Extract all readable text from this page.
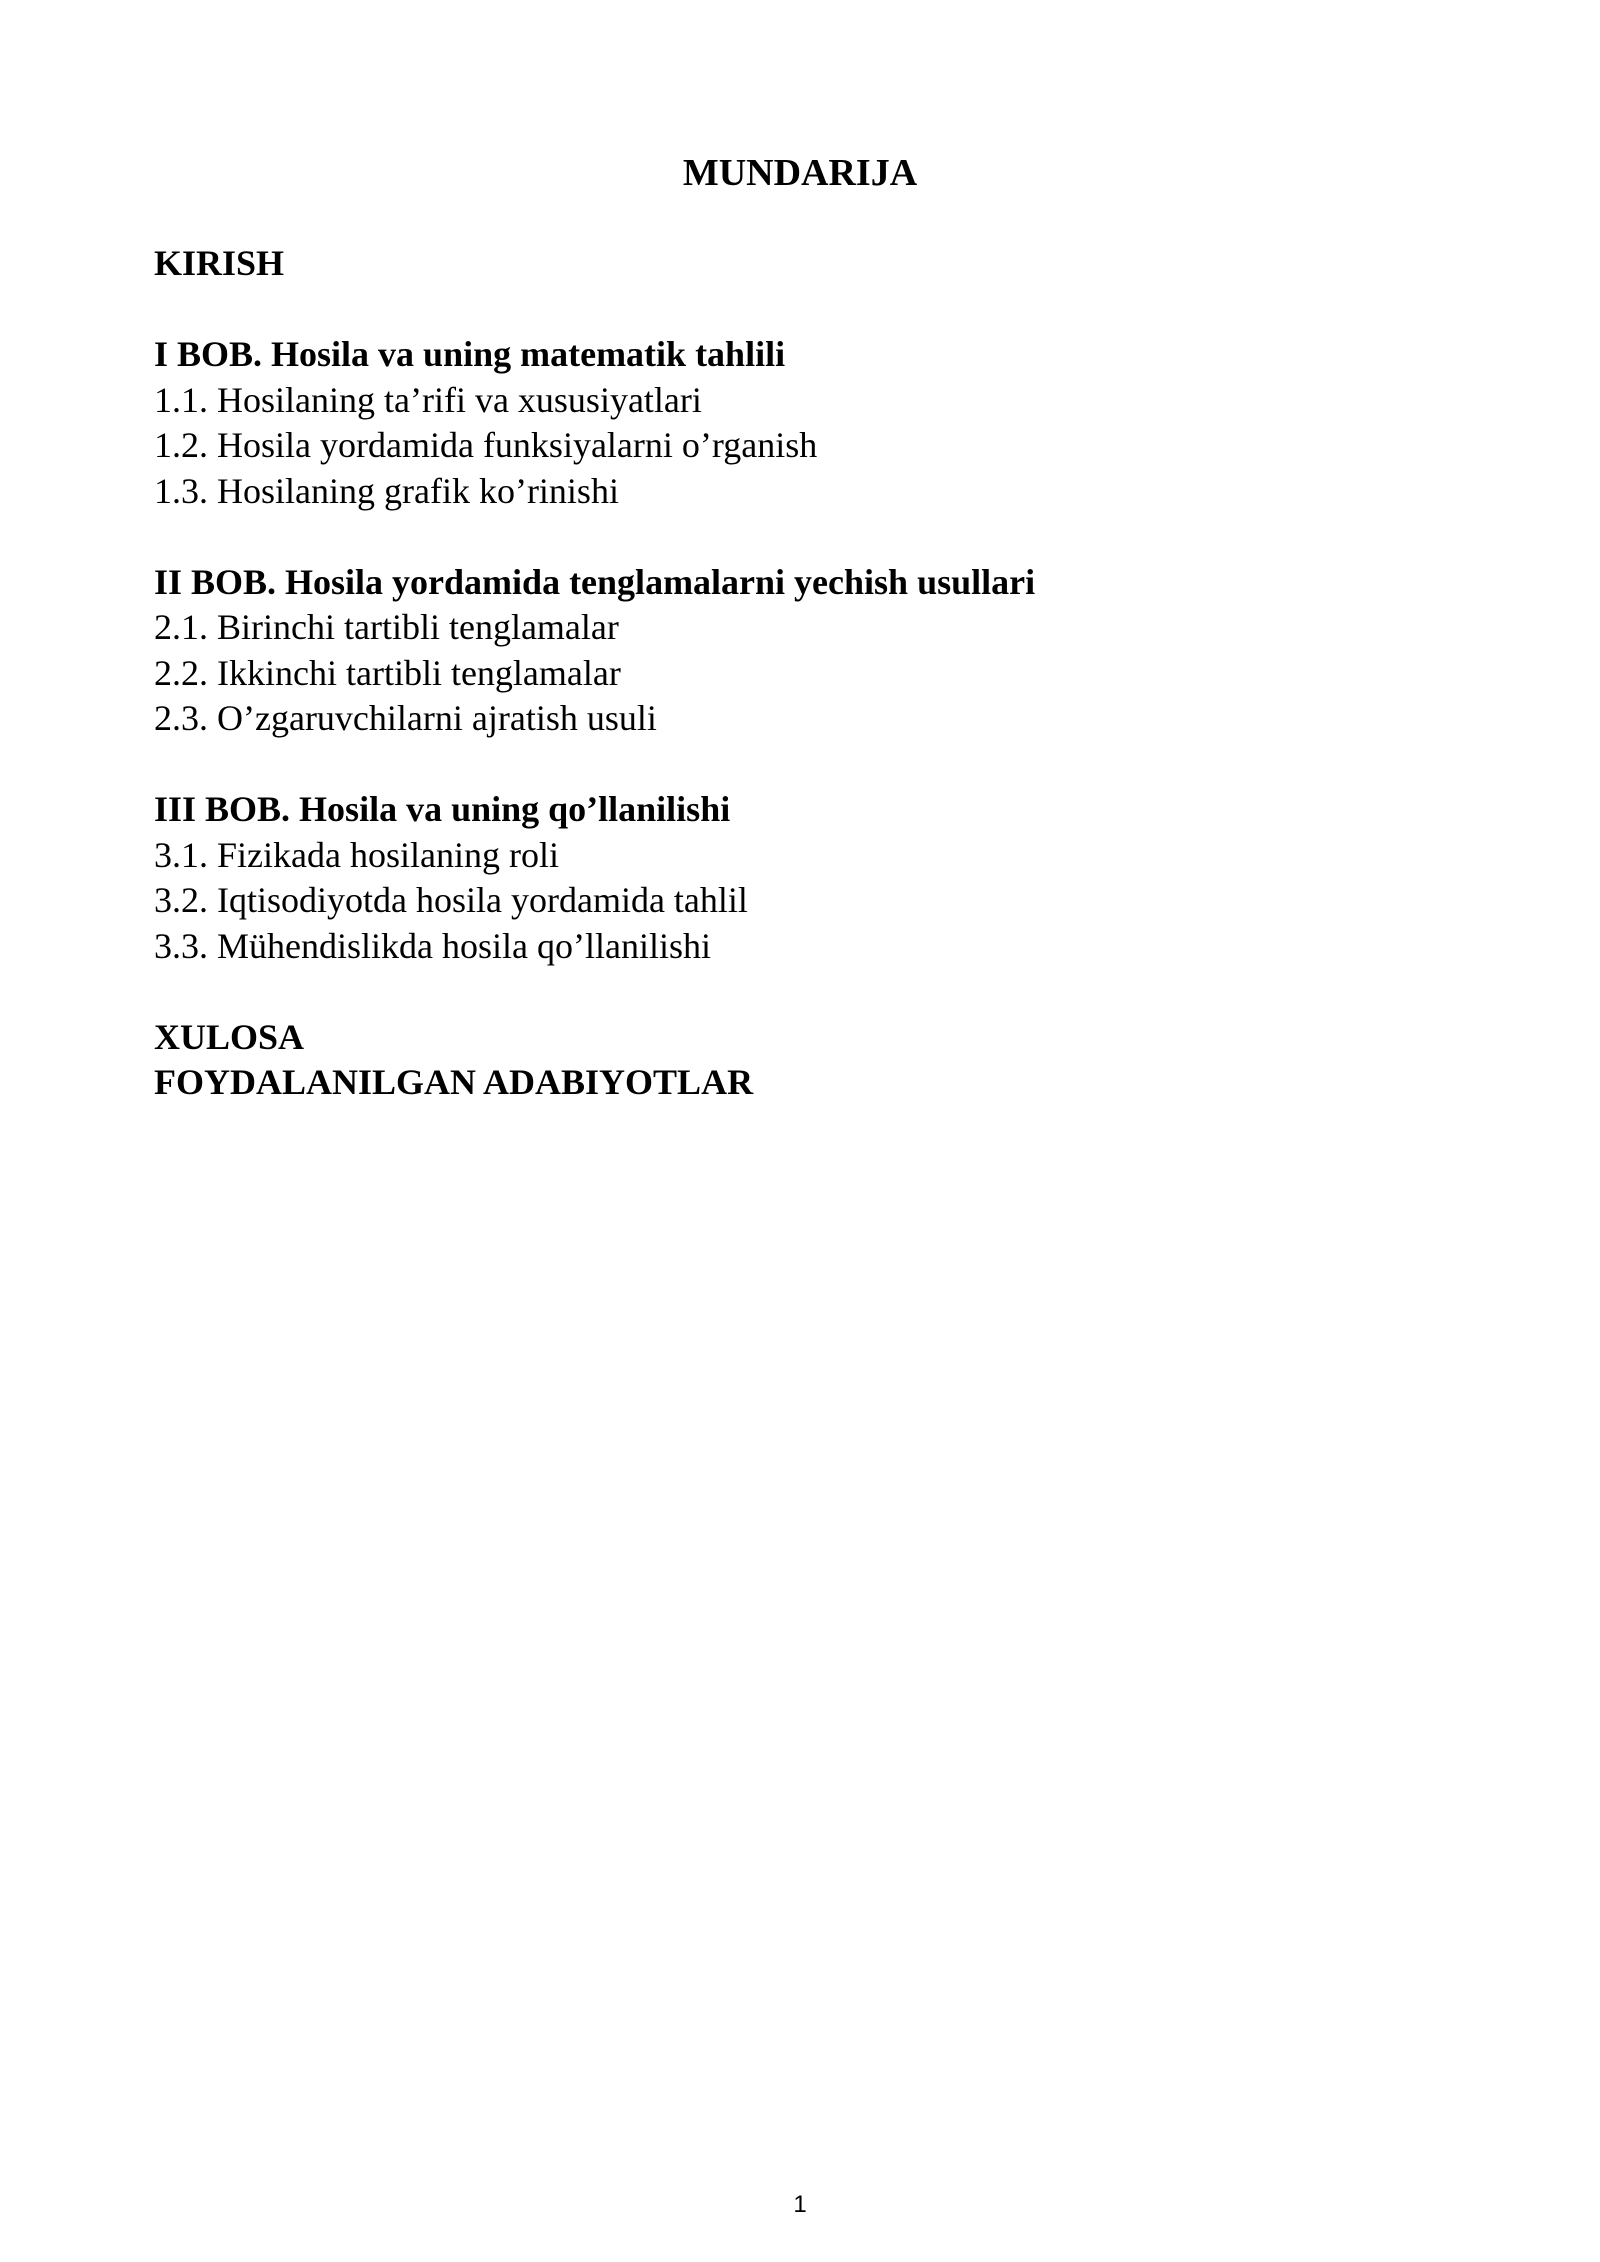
MUNDARIJA
KIRISH
I BOB. Hosila va uning matematik tahlili
1.1. Hosilaning ta’rifi va xususiyatlari
1.2. Hosila yordamida funksiyalarni o’rganish
1.3. Hosilaning grafik ko’rinishi
II BOB. Hosila yordamida tenglamalarni yechish usullari
2.1. Birinchi tartibli tenglamalar
2.2. Ikkinchi tartibli tenglamalar
2.3. O’zgaruvchilarni ajratish usuli
III BOB. Hosila va uning qo’llanilishi
3.1. Fizikada hosilaning roli
3.2. Iqtisodiyotda hosila yordamida tahlil
3.3. Mühendislikda hosila qo’llanilishi
XULOSA
FOYDALANILGAN ADABIYOTLAR
1
